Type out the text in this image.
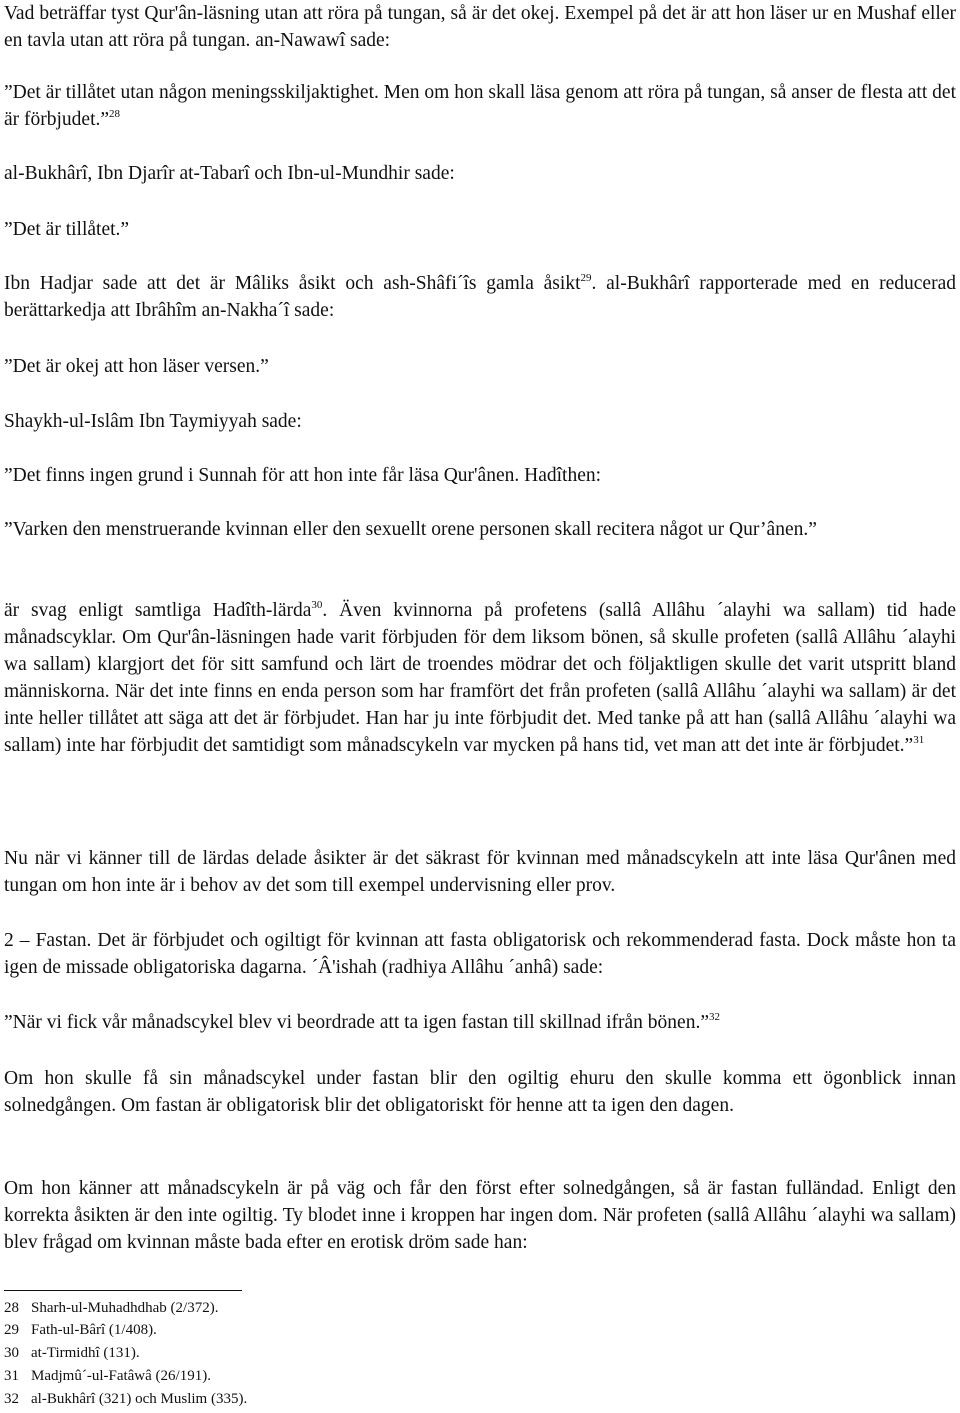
Vad beträffar tyst Qur'ân-läsning utan att röra på tungan, så är det okej. Exempel på det är att hon läser ur en Mushaf eller en tavla utan att röra på tungan. an-Nawawî sade:

”Det är tillåtet utan någon meningsskiljaktighet. Men om hon skall läsa genom att röra på tungan, så anser de flesta att det är förbjudet.”$^{28}$

al-Bukhârî, Ibn Djarîr at-Tabarî och Ibn-ul-Mundhir sade:

”Det är tillåtet.”

Ibn Hadjar sade att det är Mâliks åsikt och ash-Shâfi´îs gamla åsikt$^{29}$. al-Bukhârî rapporterade med en reducerad berättarkedja att Ibrâhîm an-Nakha´î sade:

”Det är okej att hon läser versen.”

Shaykh-ul-Islâm Ibn Taymiyyah sade:

”Det finns ingen grund i Sunnah för att hon inte får läsa Qur'ânen. Hadîthen:

”Varken den menstruerande kvinnan eller den sexuellt orene personen skall recitera något ur Qur’ânen.”

är svag enligt samtliga Hadîth-lärda$^{30}$. Även kvinnorna på profetens (sallâ Allâhu ´alayhi wa sallam) tid hade månadscyklar. Om Qur'ân-läsningen hade varit förbjuden för dem liksom bönen, så skulle profeten (sallâ Allâhu ´alayhi wa sallam) klargjort det för sitt samfund och lärt de troendes mödrar det och följaktligen skulle det varit utspritt bland människorna. När det inte finns en enda person som har framfört det från profeten (sallâ Allâhu ´alayhi wa sallam) är det inte heller tillåtet att säga att det är förbjudet. Han har ju inte förbjudit det. Med tanke på att han (sallâ Allâhu ´alayhi wa sallam) inte har förbjudit det samtidigt som månadscykeln var mycken på hans tid, vet man att det inte är förbjudet.”$^{31}$

Nu när vi känner till de lärdas delade åsikter är det säkrast för kvinnan med månadscykeln att inte läsa Qur'ânen med tungan om hon inte är i behov av det som till exempel undervisning eller prov.

2 – Fastan. Det är förbjudet och ogiltigt för kvinnan att fasta obligatorisk och rekommenderad fasta. Dock måste hon ta igen de missade obligatoriska dagarna. ´Â'ishah (radhiya Allâhu ´anhâ) sade:

”När vi fick vår månadscykel blev vi beordrade att ta igen fastan till skillnad ifrån bönen.”$^{32}$

Om hon skulle få sin månadscykel under fastan blir den ogiltig ehuru den skulle komma ett ögonblick innan solnedgången. Om fastan är obligatorisk blir det obligatoriskt för henne att ta igen den dagen.

Om hon känner att månadscykeln är på väg och får den först efter solnedgången, så är fastan fulländad. Enligt den korrekta åsikten är den inte ogiltig. Ty blodet inne i kroppen har ingen dom. När profeten (sallâ Allâhu ´alayhi wa sallam) blev frågad om kvinnan måste bada efter en erotisk dröm sade han:

28 Sharh-ul-Muhadhdhab (2/372).
29 Fath-ul-Bârî (1/408).
30 at-Tirmidhî (131).
31 Madjmû´-ul-Fatâwâ (26/191).
32 al-Bukhârî (321) och Muslim (335).
